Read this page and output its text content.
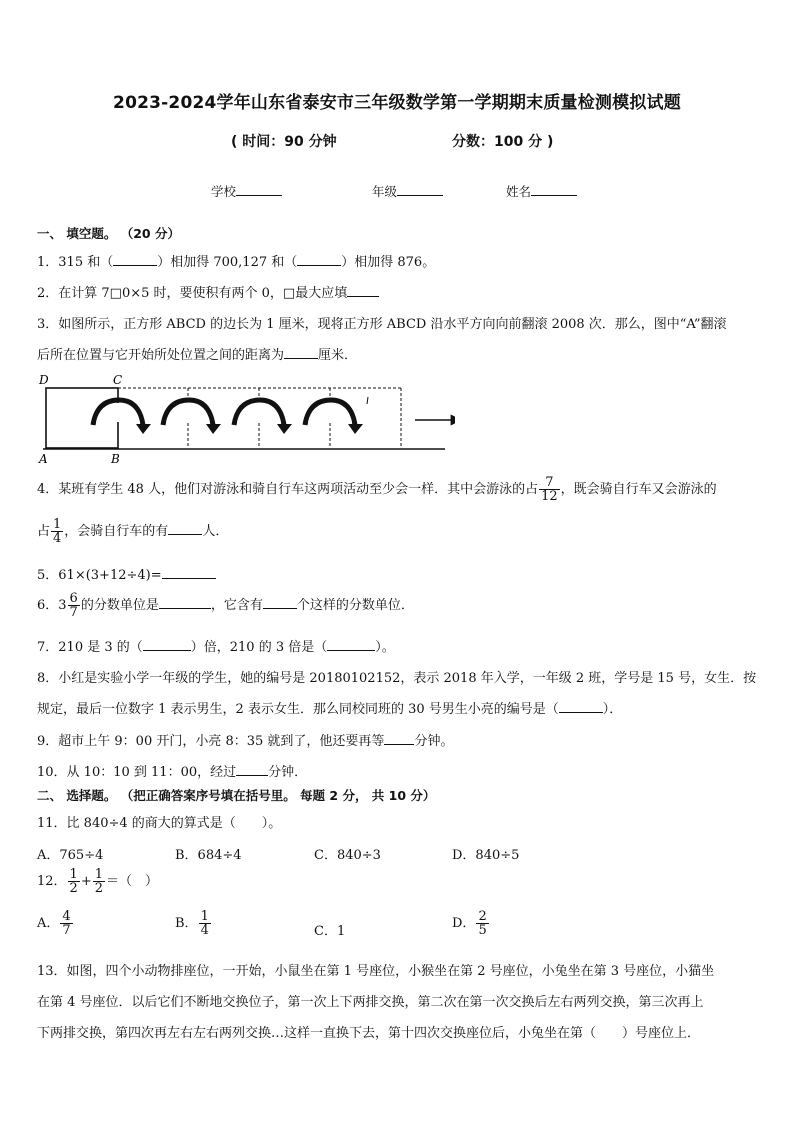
2023-2024学年山东省泰安市三年级数学第一学期期末质量检测模拟试题
( 时间：90 分钟	分数：100 分 )
学校	年级	姓名
一、 填空题。 （20 分）
1．315 和（	）相加得 700,127 和（	）相加得 876。
2．在计算 7□0×5 时，要使积有两个 0，□最大应填
3．如图所示，正方形 ABCD 的边长为 1 厘米，现将正方形 ABCD 沿水平方向向前翻滚 2008 次．那么，图中“A”翻滚
后所在位置与它开始所处位置之间的距离为	厘米．
D	C
A	B
4．某班有学生 48 人，他们对游泳和骑自行车这两项活动至少会一样．其中会游泳的占 $\frac{7}{12}$ ，既会骑自行车又会游泳的
占 $\frac{1}{4}$ ，会骑自行车的有	人．
5．61×(3+12÷4)=
6．$3 \frac{6}{7}$ 的分数单位是	，它含有	个这样的分数单位．
7．210 是 3 的（	）倍，210 的 3 倍是（	）。
8．小红是实验小学一年级的学生，她的编号是 20180102152，表示 2018 年入学，一年级 2 班，学号是 15 号，女生．按
规定，最后一位数字 1 表示男生，2 表示女生．那么同校同班的 30 号男生小亮的编号是（	）．
9．超市上午 9：00 开门，小亮 8：35 就到了，他还要再等 分钟。
10．从 10：10 到 11：00，经过 分钟．
二、 选择题。 （把正确答案序号填在括号里。 每题 2 分， 共 10 分）
11．比 840÷4 的商大的算式是（　　）。
A．765÷4	B．684÷4	C．840÷3	D．840÷5
12． $\frac{1}{2} + \frac{1}{2}$ ＝（　）
A． $\frac{4}{7}$	B． $\frac{1}{4}$	C．1
D． $\frac{2}{5}$
13．如图，四个小动物排座位，一开始，小鼠坐在第 1 号座位，小猴坐在第 2 号座位，小兔坐在第 3 号座位，小猫坐
在第 4 号座位．以后它们不断地交换位子，第一次上下两排交换，第二次在第一次交换后左右两列交换，第三次再上
下两排交换，第四次再左右左右两列交换…这样一直换下去，第十四次交换座位后，小兔坐在第（　　）号座位上．
